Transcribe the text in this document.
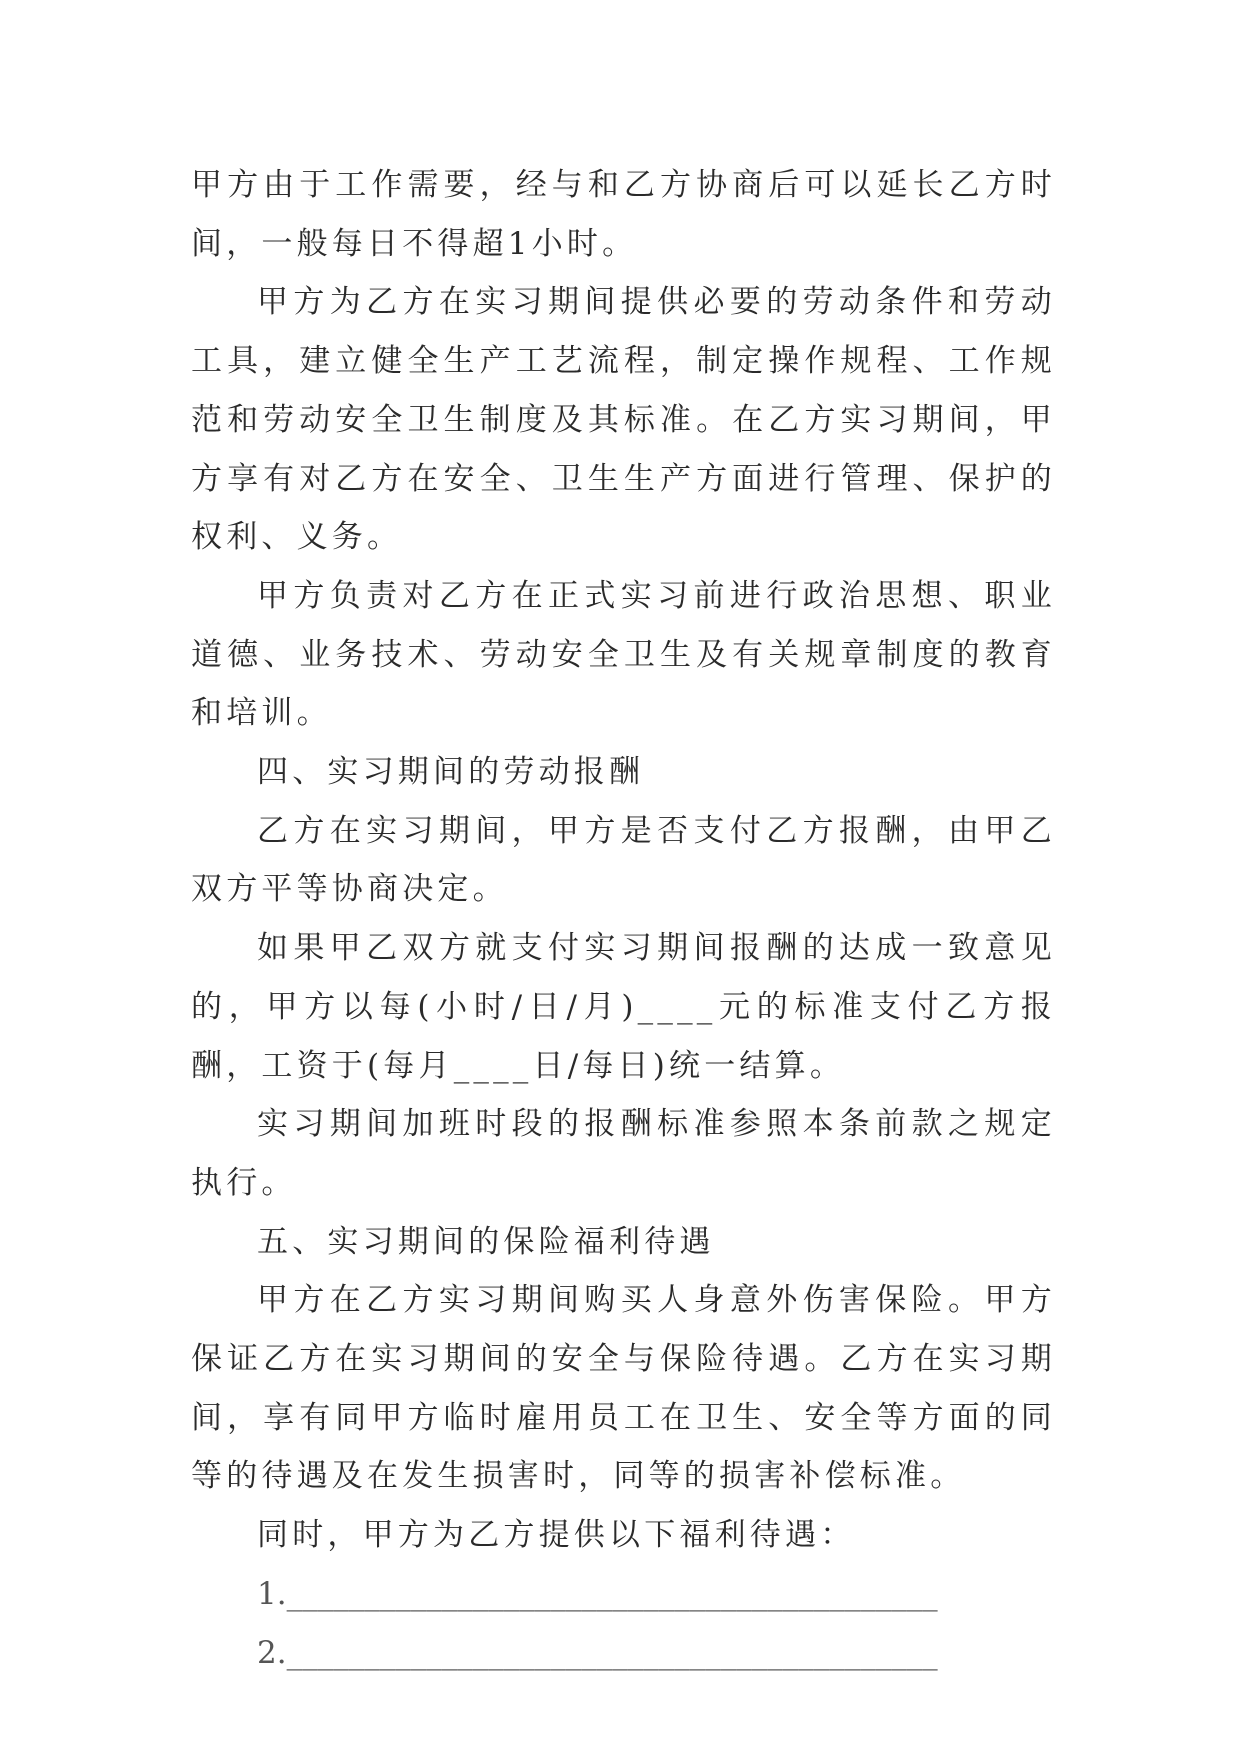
甲方由于工作需要，经与和乙方协商后可以延长乙方时间，一般每日不得超1小时。

甲方为乙方在实习期间提供必要的劳动条件和劳动工具，建立健全生产工艺流程，制定操作规程、工作规范和劳动安全卫生制度及其标准。在乙方实习期间，甲方享有对乙方在安全、卫生生产方面进行管理、保护的权利、义务。

甲方负责对乙方在正式实习前进行政治思想、职业道德、业务技术、劳动安全卫生及有关规章制度的教育和培训。

四、实习期间的劳动报酬

乙方在实习期间，甲方是否支付乙方报酬，由甲乙双方平等协商决定。

如果甲乙双方就支付实习期间报酬的达成一致意见的，甲方以每(小时/日/月)____元的标准支付乙方报酬，工资于(每月____日/每日)统一结算。

实习期间加班时段的报酬标准参照本条前款之规定执行。

五、实习期间的保险福利待遇

甲方在乙方实习期间购买人身意外伤害保险。甲方保证乙方在实习期间的安全与保险待遇。乙方在实习期间，享有同甲方临时雇用员工在卫生、安全等方面的同等的待遇及在发生损害时，同等的损害补偿标准。

同时，甲方为乙方提供以下福利待遇：

1.__________________________________________

2.__________________________________________
